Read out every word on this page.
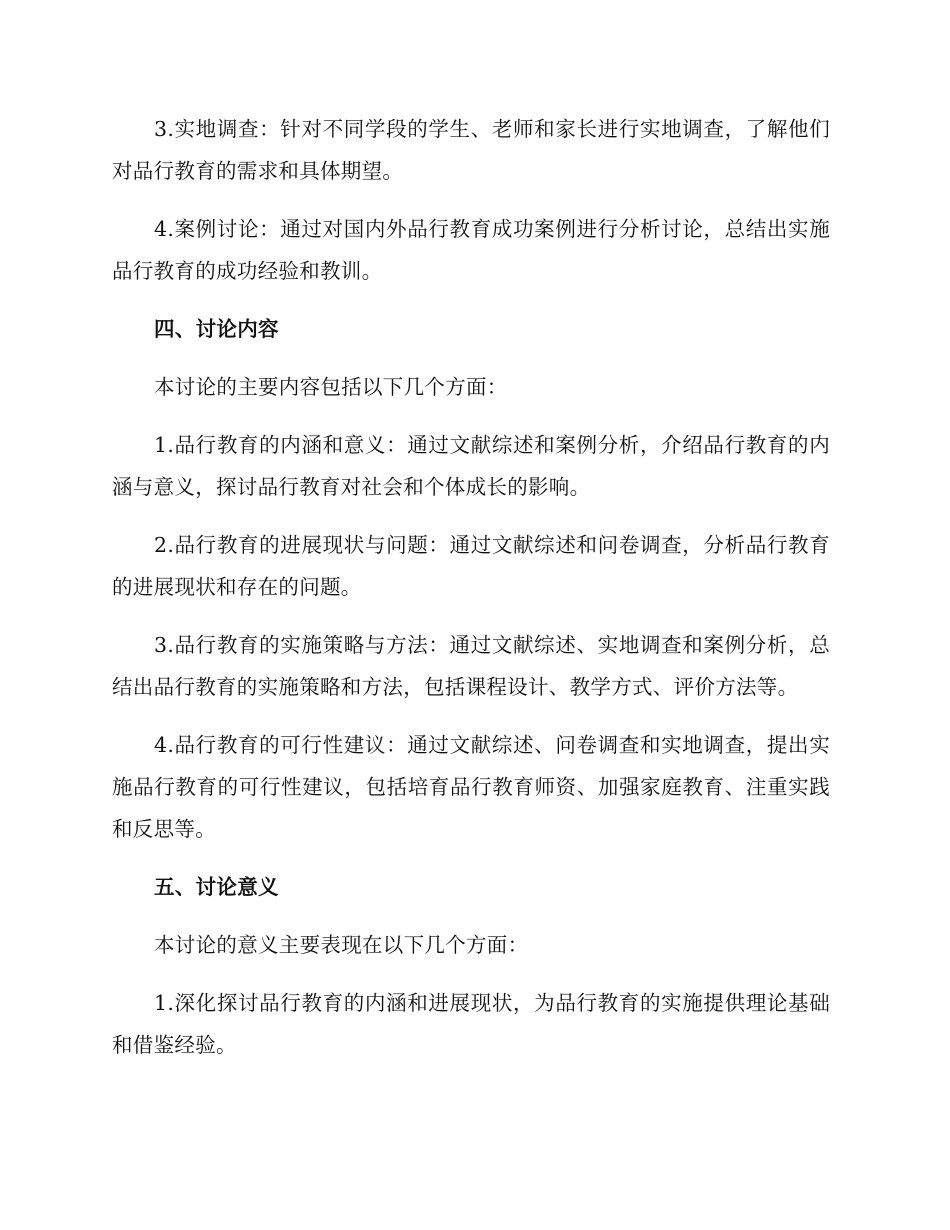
3.实地调查：针对不同学段的学生、老师和家长进行实地调查，了解他们对品行教育的需求和具体期望。

4.案例讨论：通过对国内外品行教育成功案例进行分析讨论，总结出实施品行教育的成功经验和教训。

四、讨论内容

本讨论的主要内容包括以下几个方面：

1.品行教育的内涵和意义：通过文献综述和案例分析，介绍品行教育的内涵与意义，探讨品行教育对社会和个体成长的影响。

2.品行教育的进展现状与问题：通过文献综述和问卷调查，分析品行教育的进展现状和存在的问题。

3.品行教育的实施策略与方法：通过文献综述、实地调查和案例分析，总结出品行教育的实施策略和方法，包括课程设计、教学方式、评价方法等。

4.品行教育的可行性建议：通过文献综述、问卷调查和实地调查，提出实施品行教育的可行性建议，包括培育品行教育师资、加强家庭教育、注重实践和反思等。

五、讨论意义

本讨论的意义主要表现在以下几个方面：

1.深化探讨品行教育的内涵和进展现状，为品行教育的实施提供理论基础和借鉴经验。
